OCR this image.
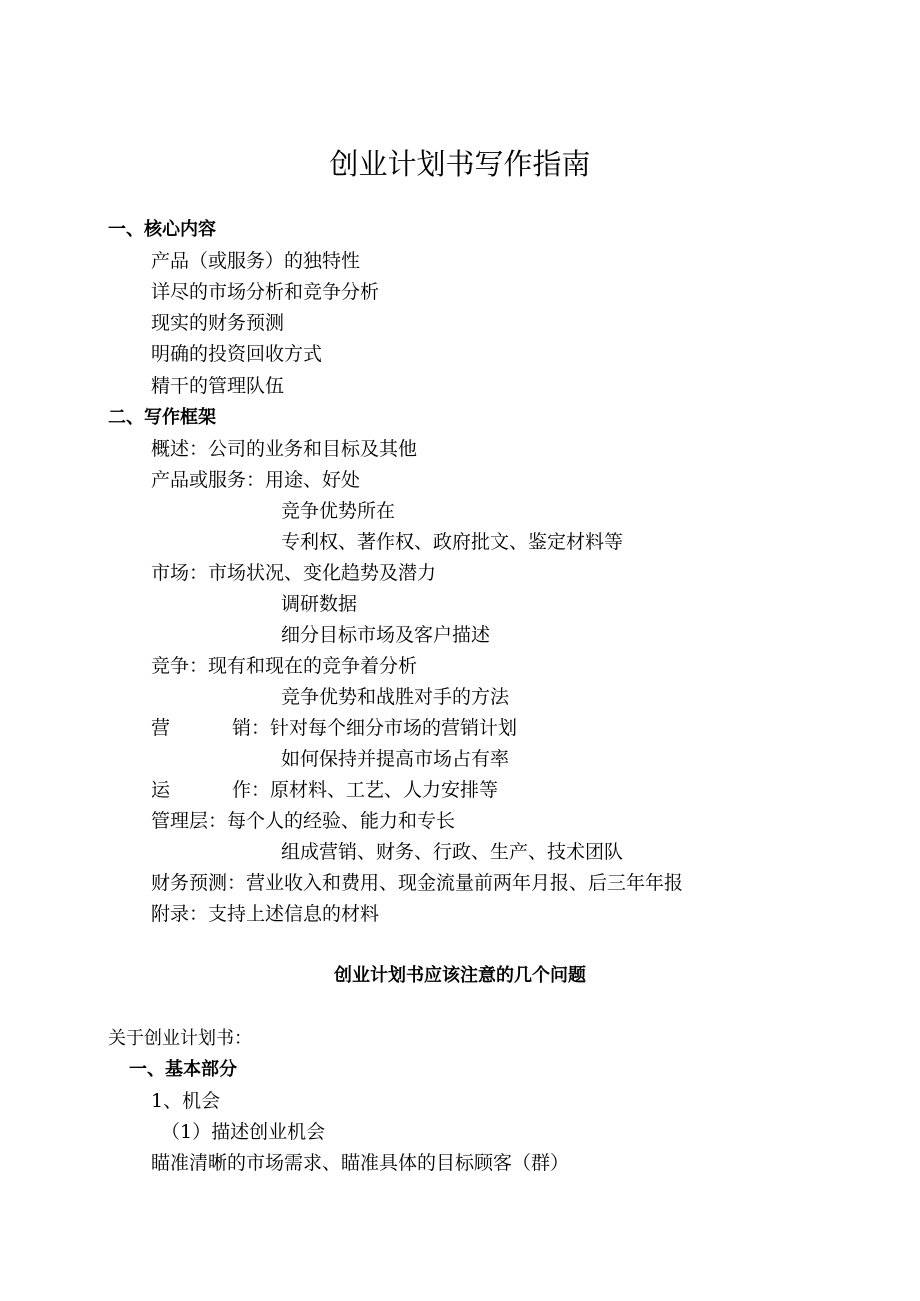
创业计划书写作指南
一、核心内容
产品（或服务）的独特性
详尽的市场分析和竞争分析
现实的财务预测
明确的投资回收方式
精干的管理队伍
二、写作框架
概述：公司的业务和目标及其他
产品或服务：用途、好处
竞争优势所在
专利权、著作权、政府批文、鉴定材料等
市场：市场状况、变化趋势及潜力
调研数据
细分目标市场及客户描述
竞争：现有和现在的竞争着分析
竞争优势和战胜对手的方法
营	销：针对每个细分市场的营销计划
如何保持并提高市场占有率
运	作：原材料、工艺、人力安排等
管理层：每个人的经验、能力和专长
组成营销、财务、行政、生产、技术团队
财务预测：营业收入和费用、现金流量前两年月报、后三年年报
附录：支持上述信息的材料
创业计划书应该注意的几个问题
关于创业计划书：
一、基本部分
1、机会
（1）描述创业机会
瞄准清晰的市场需求、瞄准具体的目标顾客（群）
